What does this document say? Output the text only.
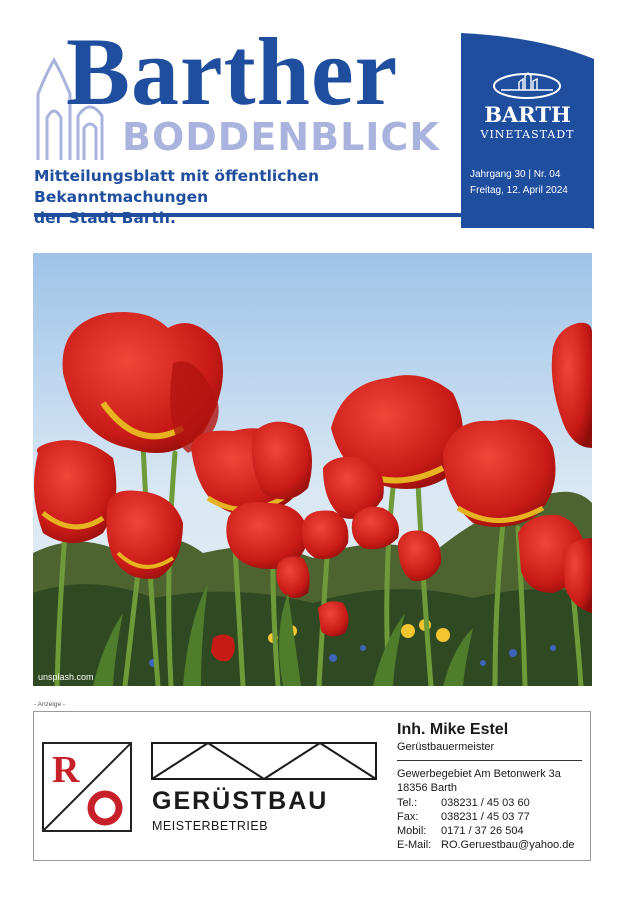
Barther
BODDENBLICK
Mitteilungsblatt mit öffentlichen Bekanntmachungen
der Stadt Barth.
BARTH
VINETASTADT
Jahrgang 30 | Nr. 04
Freitag, 12. April 2024
unsplash.com
- Anzeige -
R
GERÜSTBAU
MEISTERBETRIEB
Inh. Mike Estel
Gerüstbauermeister
Gewerbegebiet Am Betonwerk 3a
18356 Barth
Tel.: 038231 / 45 03 60
Fax: 038231 / 45 03 77
Mobil: 0171 / 37 26 504
E-Mail: RO.Geruestbau@yahoo.de
